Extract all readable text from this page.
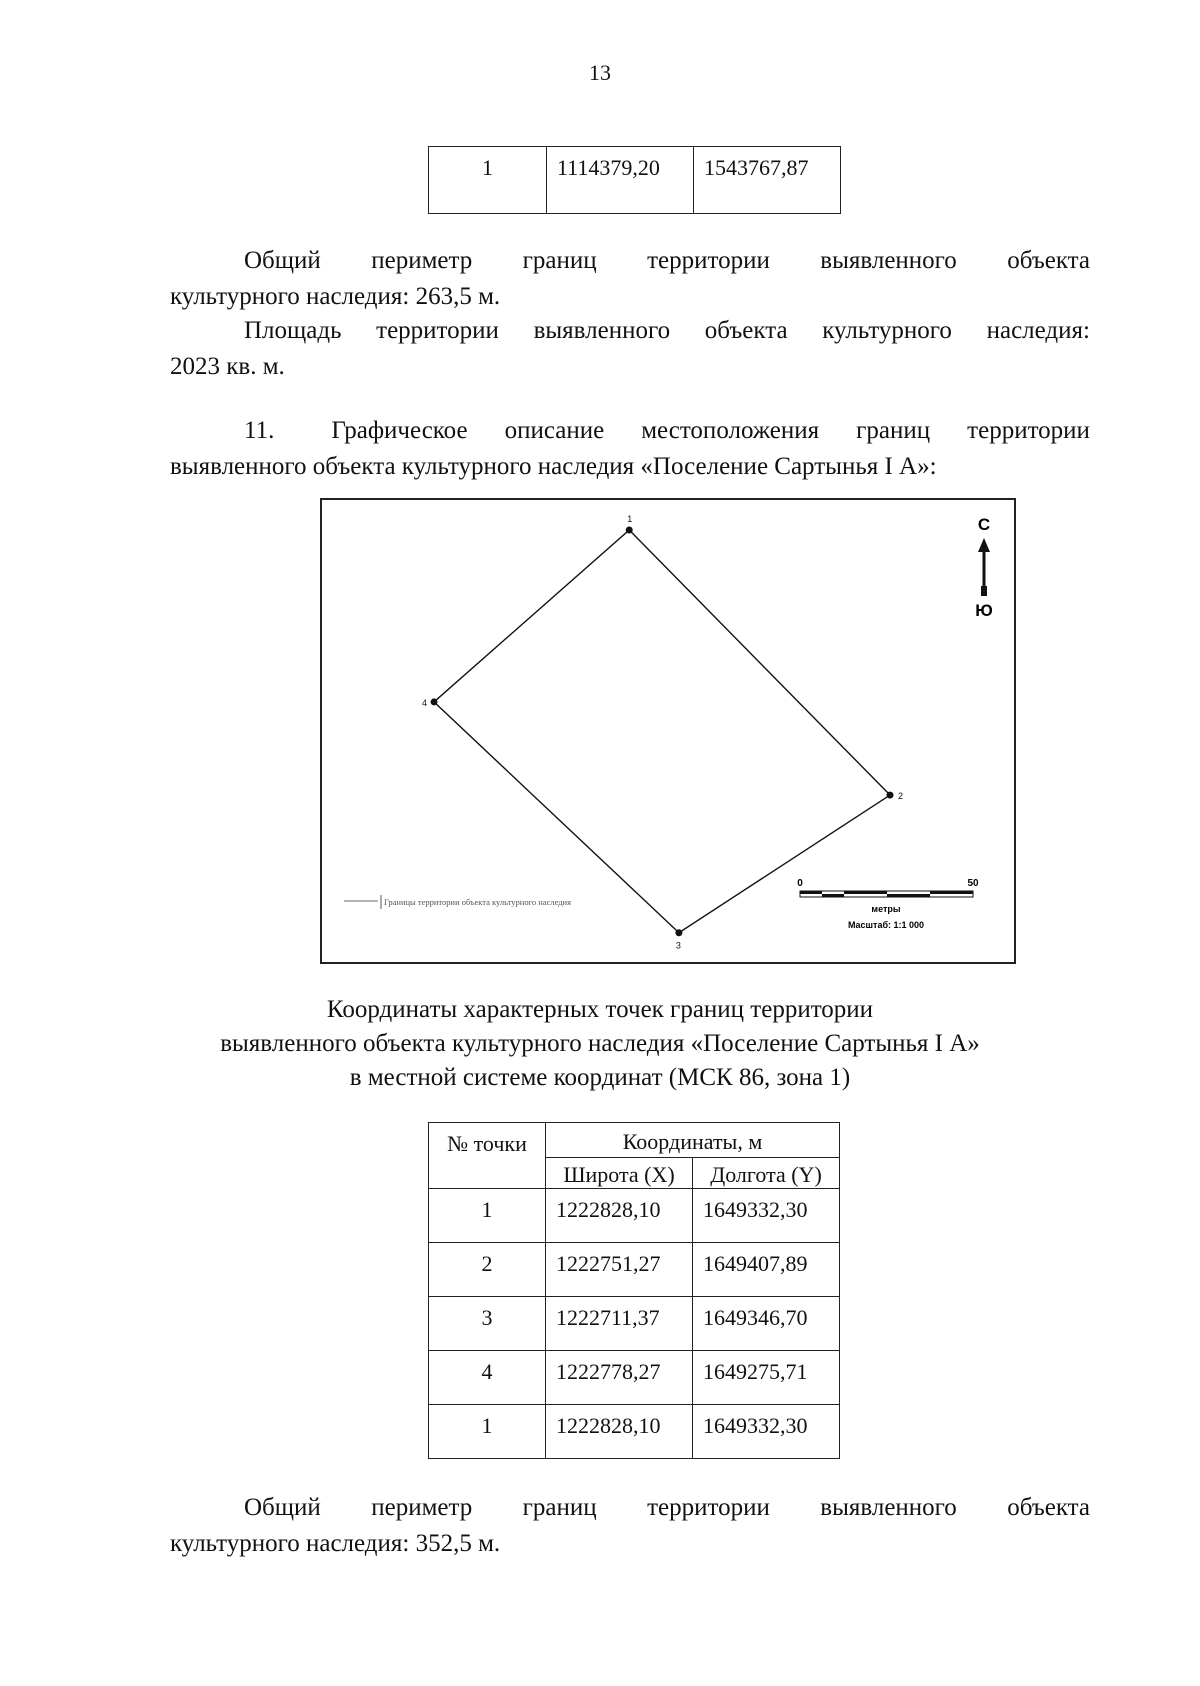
13
1	1114379,20	1543767,87
Общий периметр границ территории выявленного объекта
культурного наследия: 263,5 м.
Площадь территории выявленного объекта культурного наследия:
2023 кв. м.
11. Графическое описание местоположения границ территории
выявленного объекта культурного наследия «Поселение Сартынья I А»:
1
2
3
4
С
Ю
0	50
метры
Масштаб: 1:1 000
Границы территории объекта культурного наследия
Координаты характерных точек границ территории
выявленного объекта культурного наследия «Поселение Сартынья I А»
в местной системе координат (МСК 86, зона 1)
№ точки	Координаты, м	
	Широта (X)	Долгота (Y)
1	1222828,10	1649332,30
2	1222751,27	1649407,89
3	1222711,37	1649346,70
4	1222778,27	1649275,71
1	1222828,10	1649332,30
Общий периметр границ территории выявленного объекта
культурного наследия: 352,5 м.
